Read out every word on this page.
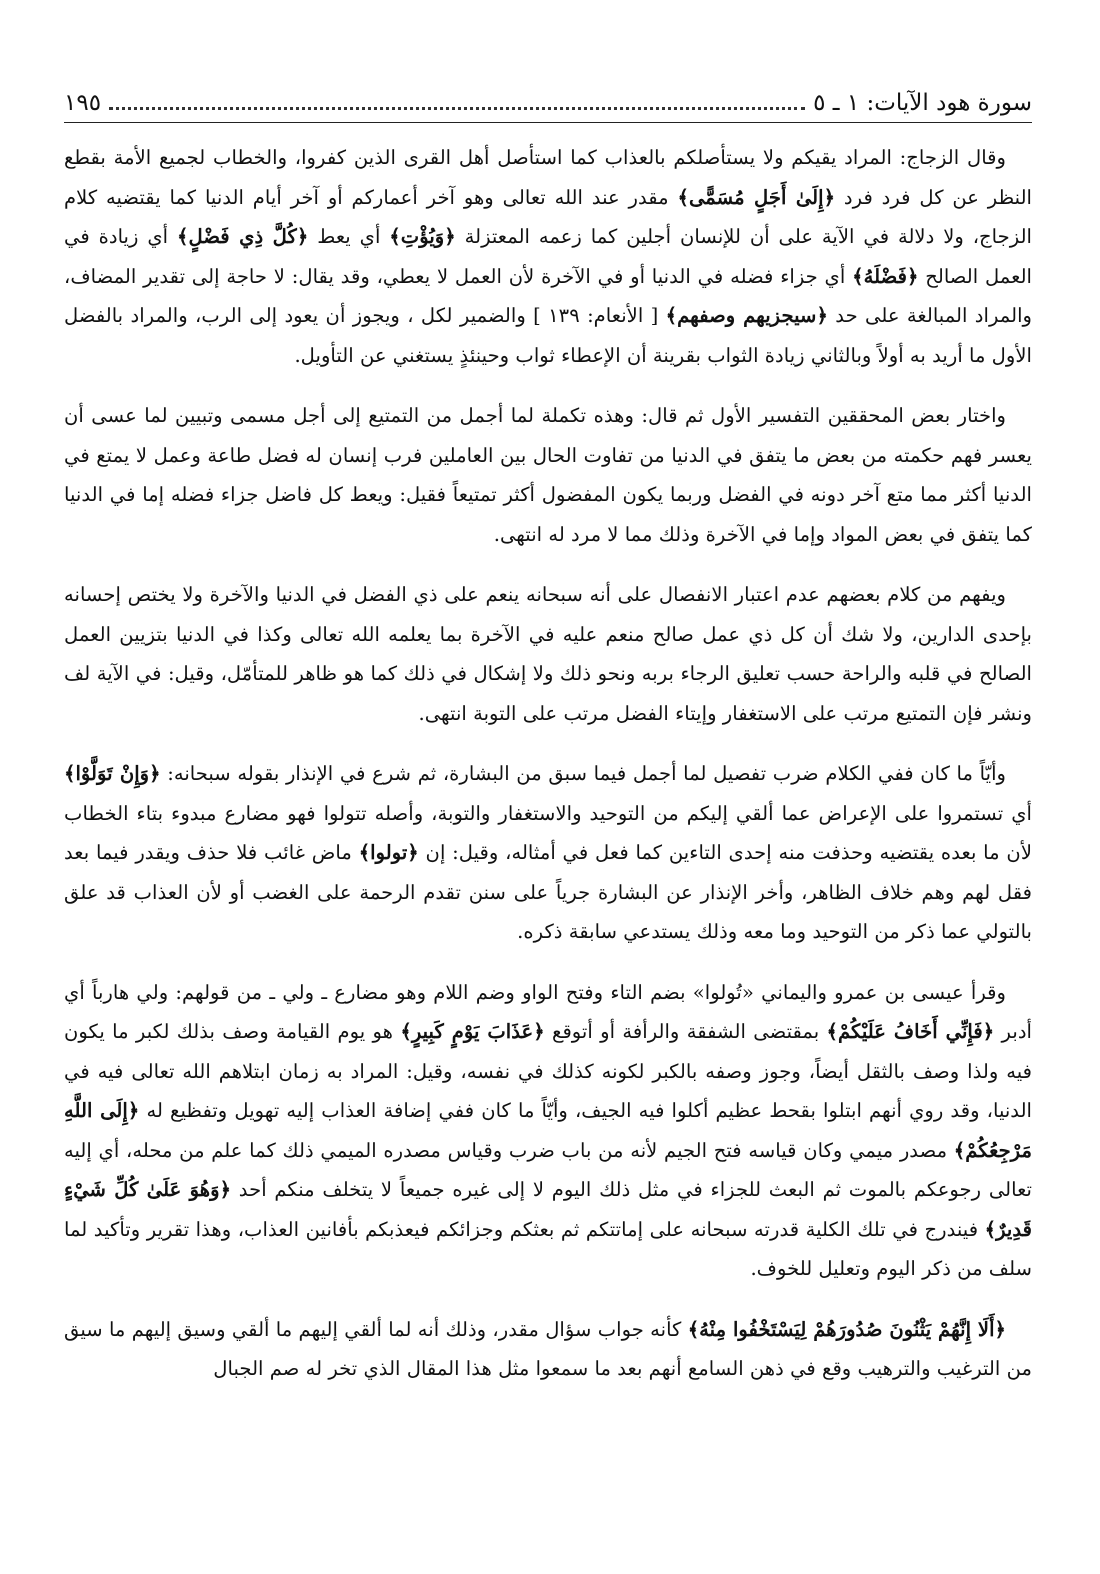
سورة هود الآيات: ١ ـ ٥
١٩٥

وقال الزجاج: المراد يقيكم ولا يستأصلكم بالعذاب كما استأصل أهل القرى الذين كفروا، والخطاب لجميع الأمة بقطع النظر عن كل فرد فرد ﴿إِلَىٰ أَجَلٍ مُسَمًّى﴾ مقدر عند الله تعالى وهو آخر أعماركم أو آخر أيام الدنيا كما يقتضيه كلام الزجاج، ولا دلالة في الآية على أن للإنسان أجلين كما زعمه المعتزلة ﴿وَيُؤْتِ﴾ أي يعط ﴿كُلَّ ذِي فَضْلٍ﴾ أي زيادة في العمل الصالح ﴿فَضْلَهُ﴾ أي جزاء فضله في الدنيا أو في الآخرة لأن العمل لا يعطي، وقد يقال: لا حاجة إلى تقدير المضاف، والمراد المبالغة على حد ﴿سيجزيهم وصفهم﴾ [ الأنعام: ١٣٩ ] والضمير لكل ، ويجوز أن يعود إلى الرب، والمراد بالفضل الأول ما أريد به أولاً وبالثاني زيادة الثواب بقرينة أن الإعطاء ثواب وحينئذٍ يستغني عن التأويل.

واختار بعض المحققين التفسير الأول ثم قال: وهذه تكملة لما أجمل من التمتيع إلى أجل مسمى وتبيين لما عسى أن يعسر فهم حكمته من بعض ما يتفق في الدنيا من تفاوت الحال بين العاملين فرب إنسان له فضل طاعة وعمل لا يمتع في الدنيا أكثر مما متع آخر دونه في الفضل وربما يكون المفضول أكثر تمتيعاً فقيل: ويعط كل فاضل جزاء فضله إما في الدنيا كما يتفق في بعض المواد وإما في الآخرة وذلك مما لا مرد له انتهى.

ويفهم من كلام بعضهم عدم اعتبار الانفصال على أنه سبحانه ينعم على ذي الفضل في الدنيا والآخرة ولا يختص إحسانه بإحدى الدارين، ولا شك أن كل ذي عمل صالح منعم عليه في الآخرة بما يعلمه الله تعالى وكذا في الدنيا بتزيين العمل الصالح في قلبه والراحة حسب تعليق الرجاء بربه ونحو ذلك ولا إشكال في ذلك كما هو ظاهر للمتأمّل، وقيل: في الآية لف ونشر فإن التمتيع مرتب على الاستغفار وإيتاء الفضل مرتب على التوبة انتهى.

وأيّاً ما كان ففي الكلام ضرب تفصيل لما أجمل فيما سبق من البشارة، ثم شرع في الإنذار بقوله سبحانه: ﴿وَإِنْ تَوَلَّوْا﴾ أي تستمروا على الإعراض عما ألقي إليكم من التوحيد والاستغفار والتوبة، وأصله تتولوا فهو مضارع مبدوء بتاء الخطاب لأن ما بعده يقتضيه وحذفت منه إحدى التاءين كما فعل في أمثاله، وقيل: إن ﴿تولوا﴾ ماض غائب فلا حذف ويقدر فيما بعد فقل لهم وهم خلاف الظاهر، وأخر الإنذار عن البشارة جرياً على سنن تقدم الرحمة على الغضب أو لأن العذاب قد علق بالتولي عما ذكر من التوحيد وما معه وذلك يستدعي سابقة ذكره.

وقرأ عيسى بن عمرو واليماني «تُولوا» بضم التاء وفتح الواو وضم اللام وهو مضارع ـ ولي ـ من قولهم: ولي هارباً أي أدبر ﴿فَإِنِّي أَخَافُ عَلَيْكُمْ﴾ بمقتضى الشفقة والرأفة أو أتوقع ﴿عَذَابَ يَوْمٍ كَبِيرٍ﴾ هو يوم القيامة وصف بذلك لكبر ما يكون فيه ولذا وصف بالثقل أيضاً، وجوز وصفه بالكبر لكونه كذلك في نفسه، وقيل: المراد به زمان ابتلاهم الله تعالى فيه في الدنيا، وقد روي أنهم ابتلوا بقحط عظيم أكلوا فيه الجيف، وأيّاً ما كان ففي إضافة العذاب إليه تهويل وتفظيع له ﴿إِلَى اللَّهِ مَرْجِعُكُمْ﴾ مصدر ميمي وكان قياسه فتح الجيم لأنه من باب ضرب وقياس مصدره الميمي ذلك كما علم من محله، أي إليه تعالى رجوعكم بالموت ثم البعث للجزاء في مثل ذلك اليوم لا إلى غيره جميعاً لا يتخلف منكم أحد ﴿وَهُوَ عَلَىٰ كُلِّ شَيْءٍ قَدِيرٌ﴾ فيندرج في تلك الكلية قدرته سبحانه على إماتتكم ثم بعثكم وجزائكم فيعذبكم بأفانين العذاب، وهذا تقرير وتأكيد لما سلف من ذكر اليوم وتعليل للخوف.

﴿أَلَا إِنَّهُمْ يَثْنُونَ صُدُورَهُمْ لِيَسْتَخْفُوا مِنْهُ﴾ كأنه جواب سؤال مقدر، وذلك أنه لما ألقي إليهم ما ألقي وسيق إليهم ما سيق من الترغيب والترهيب وقع في ذهن السامع أنهم بعد ما سمعوا مثل هذا المقال الذي تخر له صم الجبال
